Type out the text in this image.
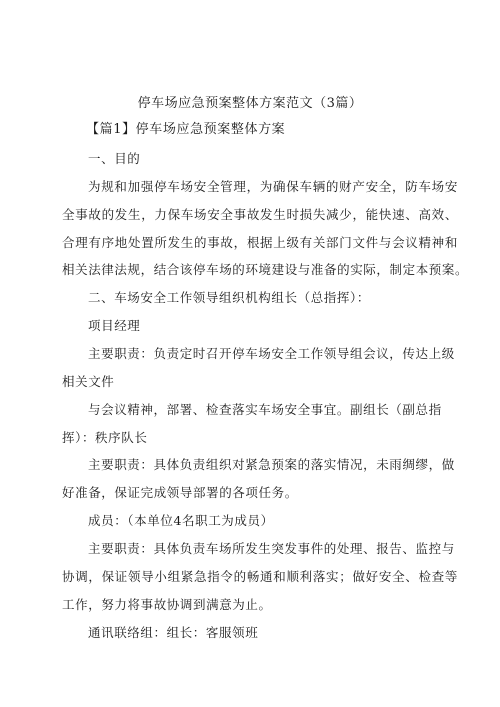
停车场应急预案整体方案范文（3篇）
【篇1】停车场应急预案整体方案
一、目的
为规和加强停车场安全管理，为确保车辆的财产安全，防车场安
全事故的发生，力保车场安全事故发生时损失减少，能快速、高效、
合理有序地处置所发生的事故，根据上级有关部门文件与会议精神和
相关法律法规，结合该停车场的环境建设与准备的实际，制定本预案。
二、车场安全工作领导组织机构组长（总指挥）：
项目经理
主要职责：负责定时召开停车场安全工作领导组会议，传达上级
相关文件
与会议精神，部署、检查落实车场安全事宜。副组长（副总指
挥）：秩序队长
主要职责：具体负责组织对紧急预案的落实情况，未雨绸缪，做
好准备，保证完成领导部署的各项任务。
成员：（本单位4名职工为成员）
主要职责：具体负责车场所发生突发事件的处理、报告、监控与
协调，保证领导小组紧急指令的畅通和顺利落实；做好安全、检查等
工作，努力将事故协调到满意为止。
通讯联络组：组长：客服领班
